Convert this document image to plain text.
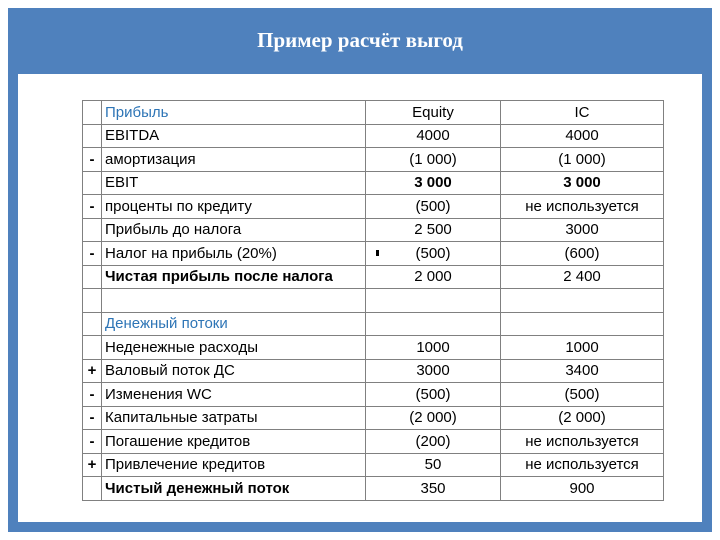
Пример расчёт выгод
	Прибыль	Equity	IC
	EBITDA	4000	4000
-	амортизация	(1 000)	(1 000)
	EBIT	3 000	3 000
-	проценты по кредиту	(500)	не используется
	Прибыль до налога	2 500	3000
-	Налог на прибыль (20%)	(500)	(600)
	Чистая прибыль после налога	2 000	2 400

	Денежный потоки		
	Неденежные расходы	1000	1000
+	Валовый поток ДС	3000	3400
-	Изменения WC	(500)	(500)
-	Капитальные затраты	(2 000)	(2 000)
-	Погашение кредитов	(200)	не используется
+	Привлечение кредитов	50	не используется
	Чистый денежный поток	350	900
